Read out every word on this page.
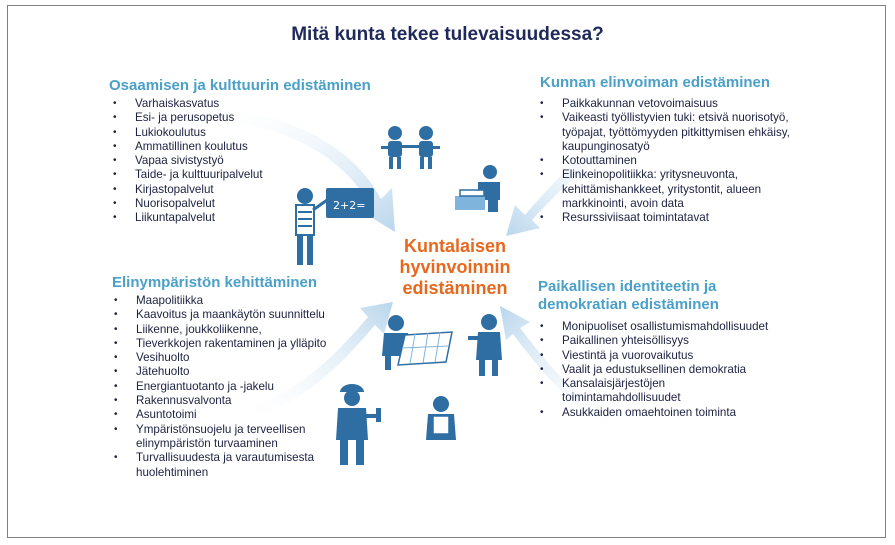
2+2=
Mitä kunta tekee tulevaisuudessa?
Osaamisen ja kulttuurin edistäminen
• Varhaiskasvatus
• Esi- ja perusopetus
• Lukiokoulutus
• Ammatillinen koulutus
• Vapaa sivistystyö
• Taide- ja kulttuuripalvelut
• Kirjastopalvelut
• Nuorisopalvelut
• Liikuntapalvelut
Kunnan elinvoiman edistäminen
• Paikkakunnan vetovoimaisuus
• Vaikeasti työllistyvien tuki: etsivä nuorisotyö, työpajat, työttömyyden pitkittymisen ehkäisy, kaupunginosatyö
• Kotouttaminen
• Elinkeinopolitiikka: yritysneuvonta, kehittämishankkeet, yritystontit, alueen markkinointi, avoin data
• Resurssiviisaat toimintatavat
Kuntalaisen
hyvinvoinnin
edistäminen
Elinympäristön kehittäminen
• Maapolitiikka
• Kaavoitus ja maankäytön suunnittelu
• Liikenne, joukkoliikenne,
• Tieverkkojen rakentaminen ja ylläpito
• Vesihuolto
• Jätehuolto
• Energiantuotanto ja -jakelu
• Rakennusvalvonta
• Asuntotoimi
• Ympäristönsuojelu ja terveellisen elinympäristön turvaaminen
• Turvallisuudesta ja varautumisesta huolehtiminen
Paikallisen identiteetin ja
demokratian edistäminen
• Monipuoliset osallistumismahdollisuudet
• Paikallinen yhteisöllisyys
• Viestintä ja vuorovaikutus
• Vaalit ja edustuksellinen demokratia
• Kansalaisjärjestöjen toimintamahdollisuudet
• Asukkaiden omaehtoinen toiminta
